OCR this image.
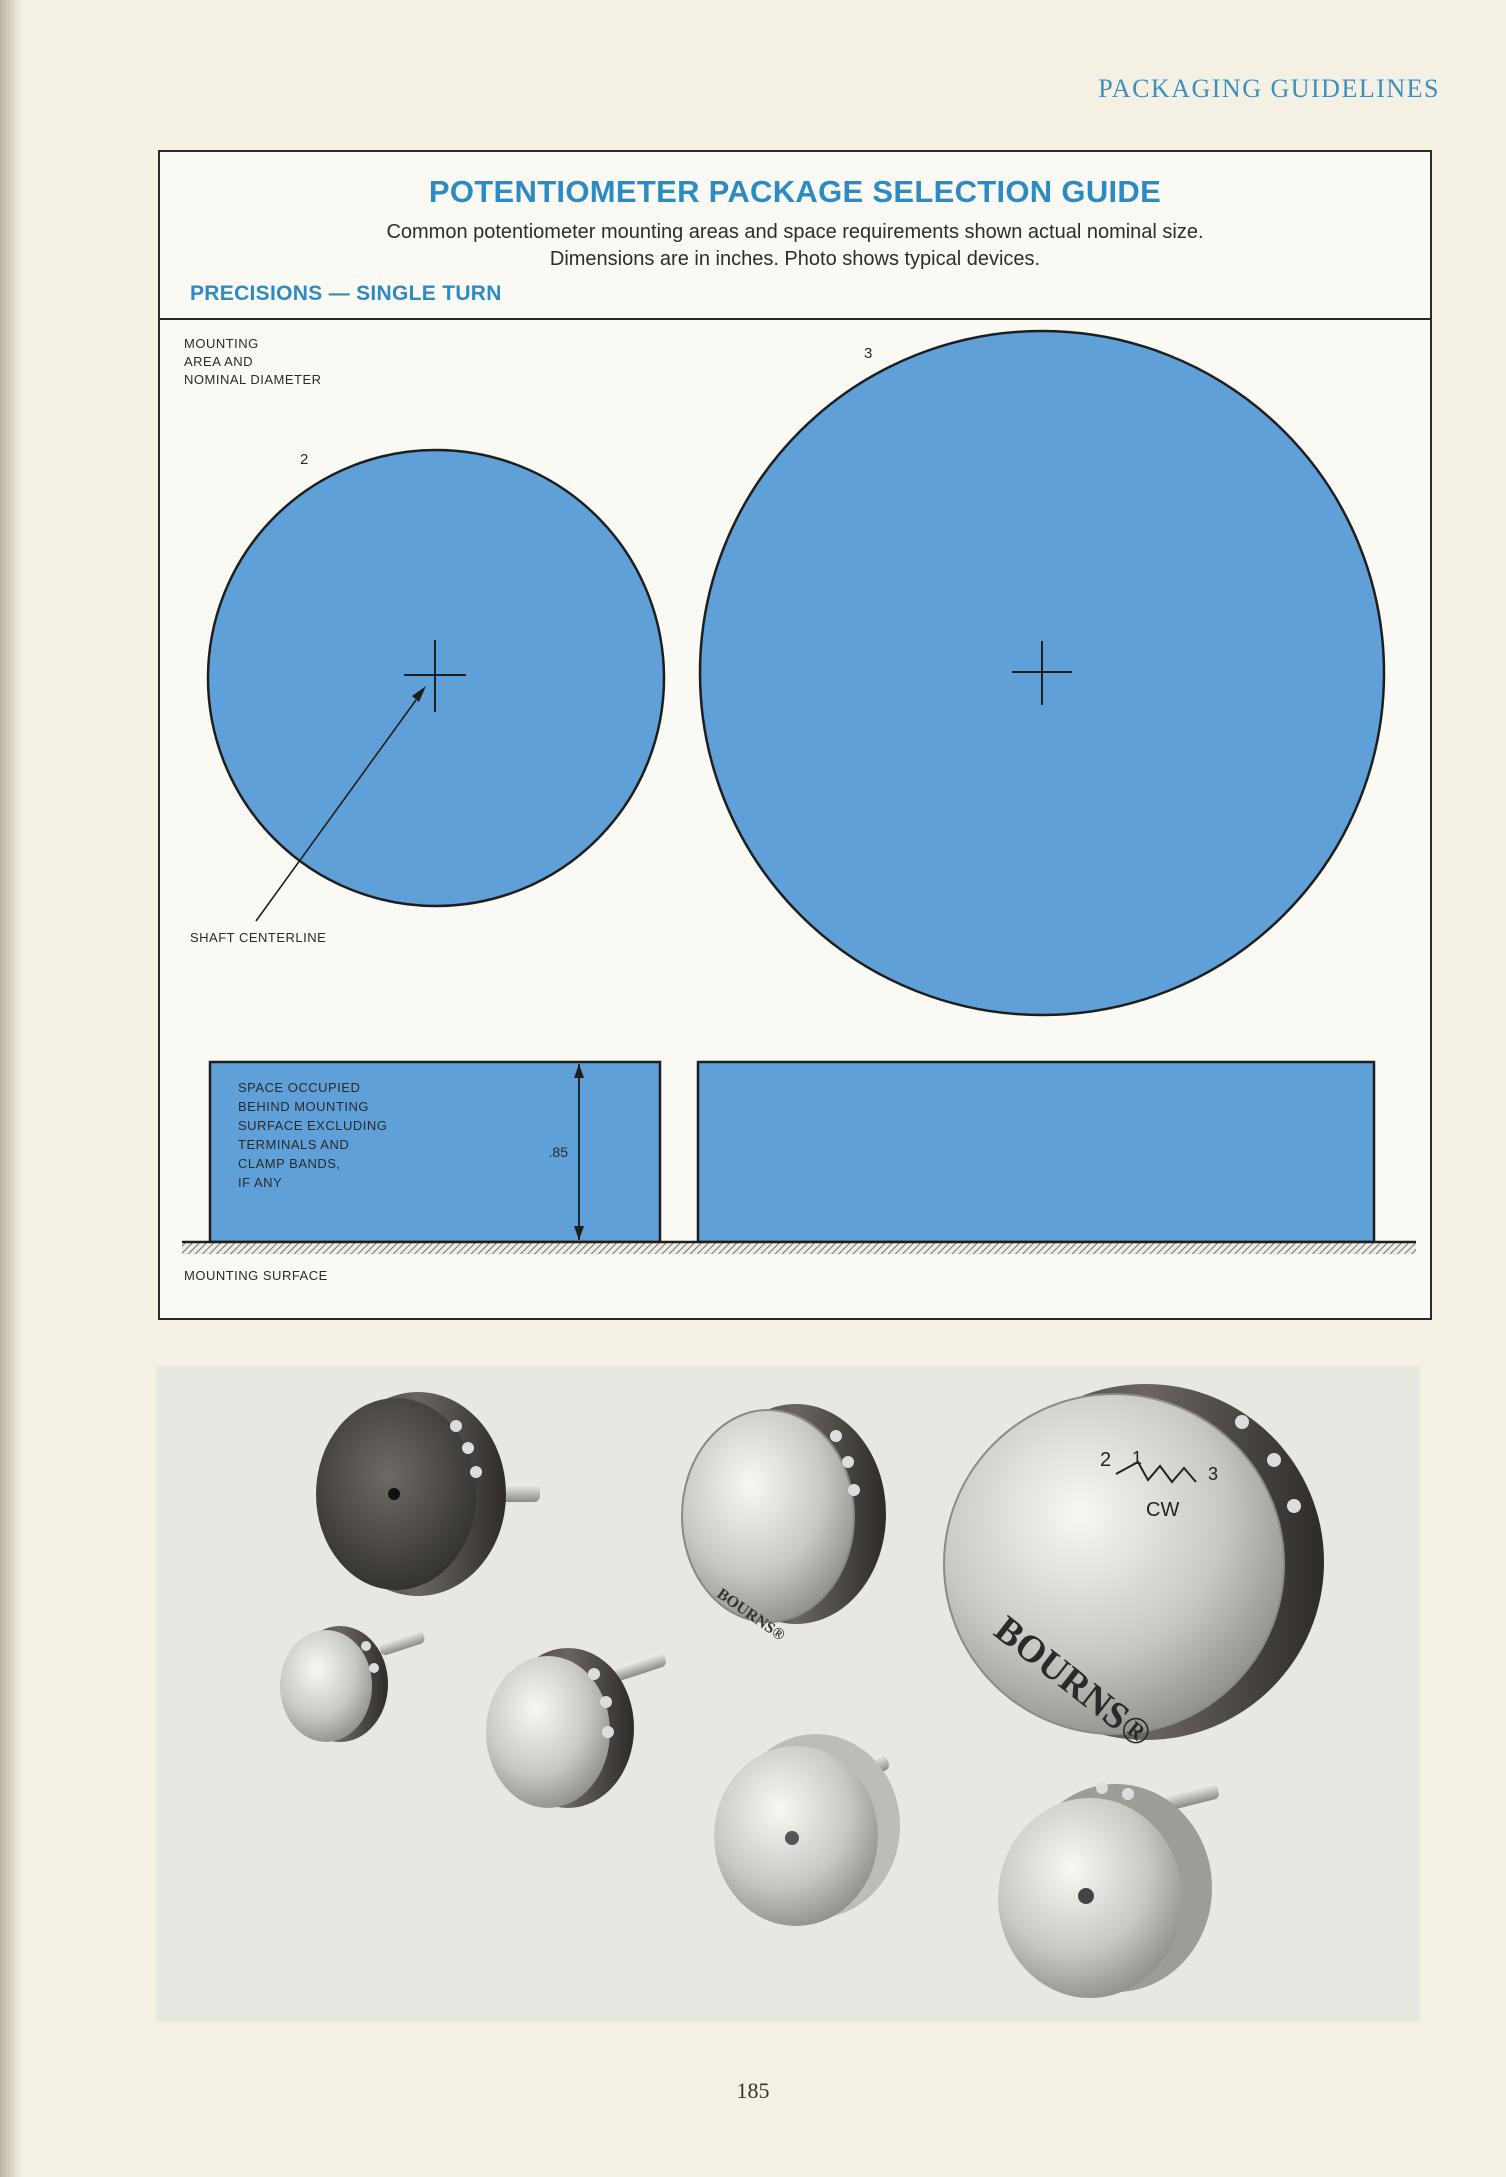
PACKAGING GUIDELINES
POTENTIOMETER PACKAGE SELECTION GUIDE

Common potentiometer mounting areas and space requirements shown actual nominal size.

Dimensions are in inches. Photo shows typical devices.

PRECISIONS — SINGLE TURN
MOUNTING
AREA AND
NOMINAL DIAMETER
2
SHAFT CENTERLINE
3
SPACE OCCUPIED
BEHIND MOUNTING
SURFACE EXCLUDING
TERMINALS AND
CLAMP BANDS,
IF ANY
.85
MOUNTING SURFACE
BOURNS®
2 1
3
CW
BOURNS®
185
